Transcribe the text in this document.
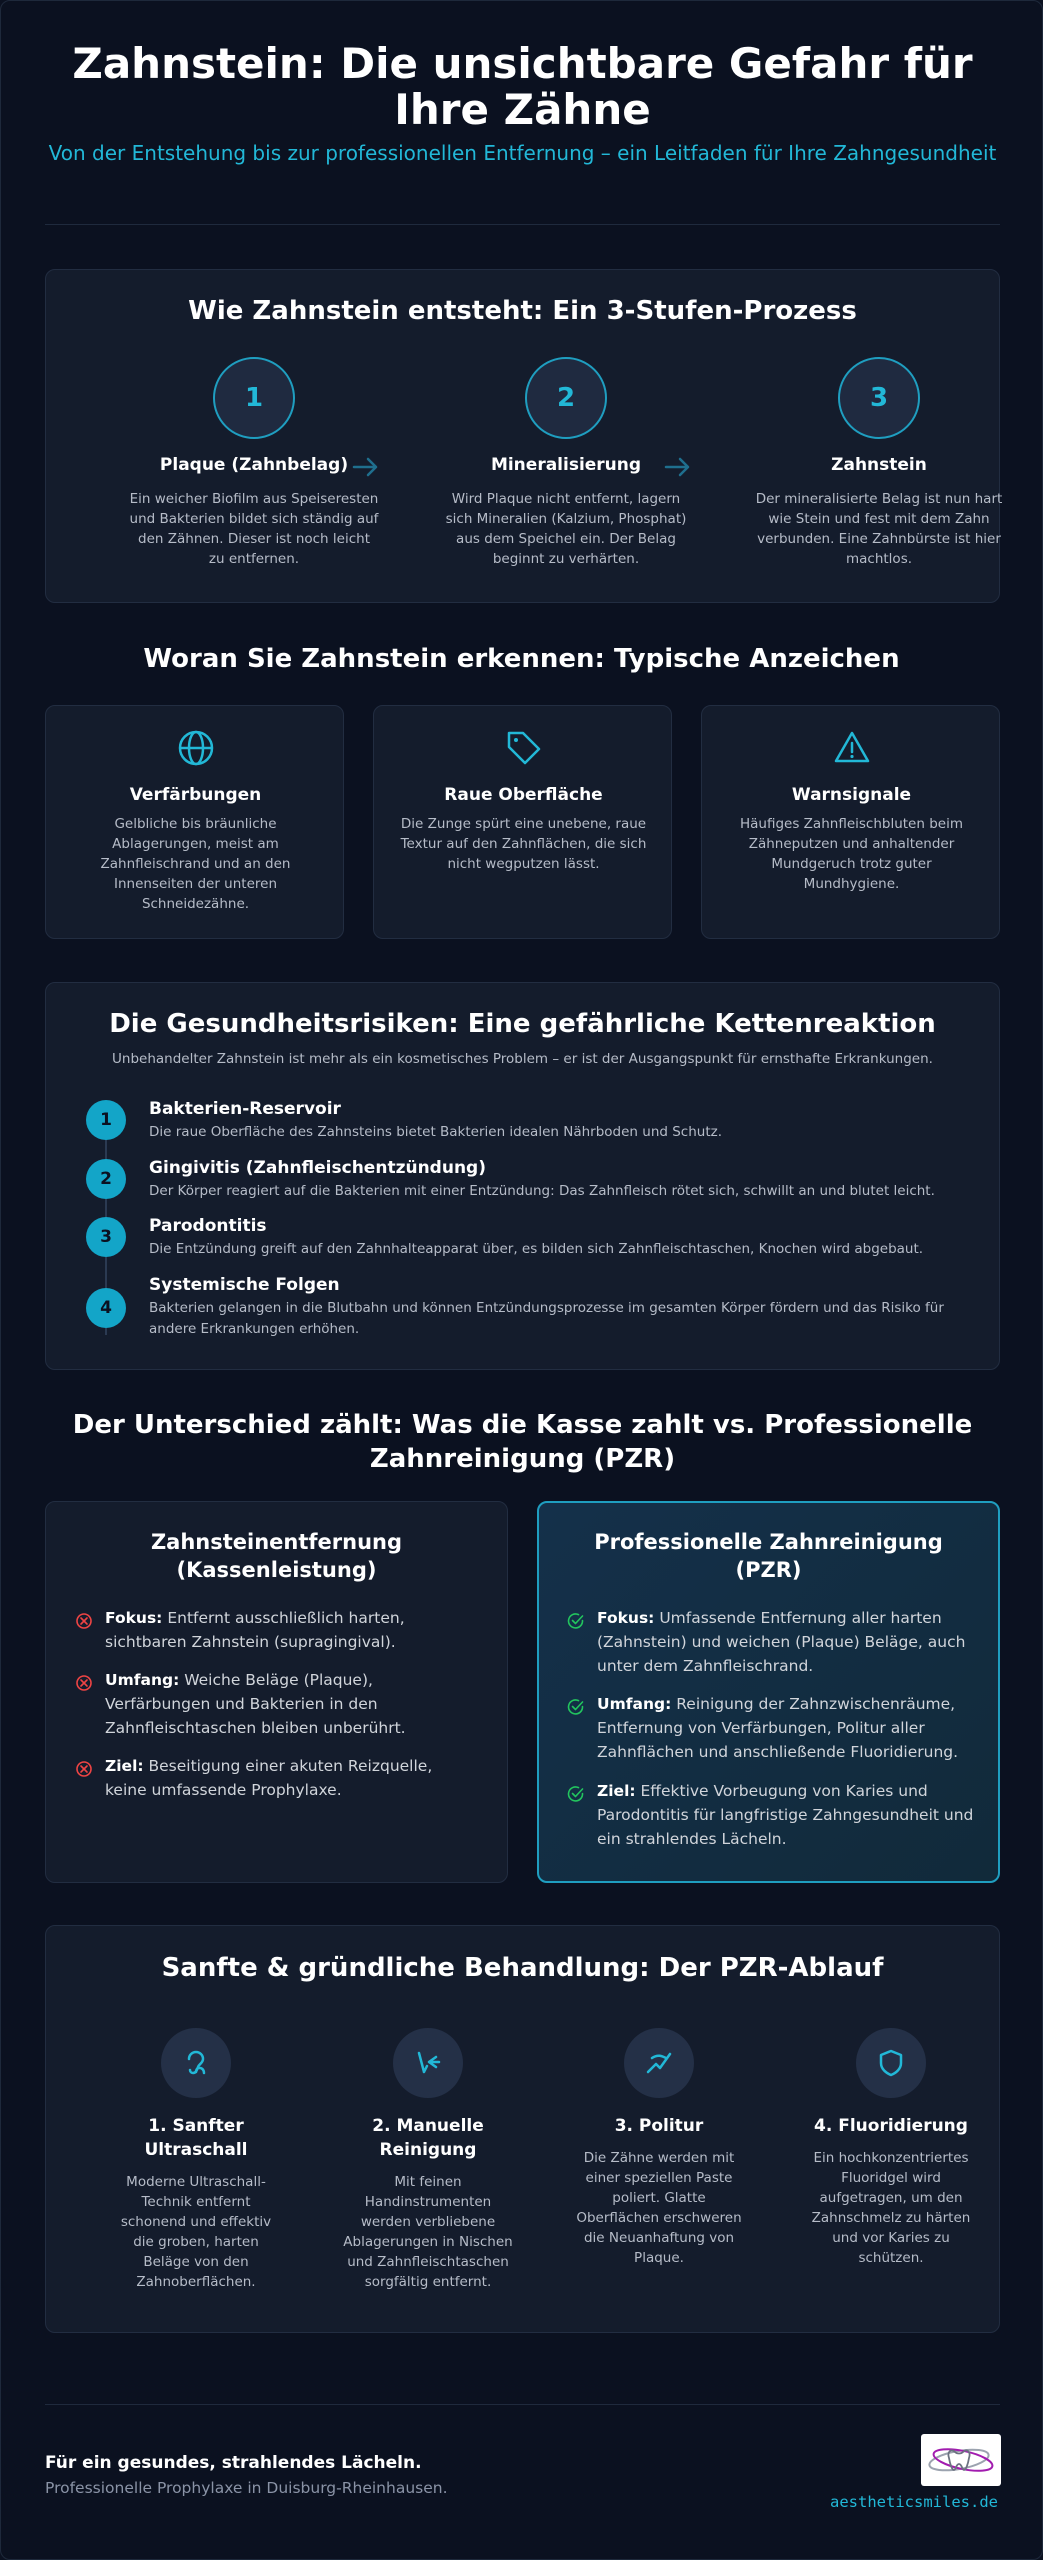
Zahnstein: Die unsichtbare Gefahr für Ihre Zähne
Von der Entstehung bis zur professionellen Entfernung – ein Leitfaden für Ihre Zahngesundheit
Wie Zahnstein entsteht: Ein 3-Stufen-Prozess
1
Plaque (Zahnbelag)
Ein weicher Biofilm aus Speiseresten und Bakterien bildet sich ständig auf den Zähnen. Dieser ist noch leicht zu entfernen.
2
Mineralisierung
Wird Plaque nicht entfernt, lagern sich Mineralien (Kalzium, Phosphat) aus dem Speichel ein. Der Belag beginnt zu verhärten.
3
Zahnstein
Der mineralisierte Belag ist nun hart wie Stein und fest mit dem Zahn verbunden. Eine Zahnbürste ist hier machtlos.
Woran Sie Zahnstein erkennen: Typische Anzeichen
Verfärbungen
Gelbliche bis bräunliche Ablagerungen, meist am Zahnfleischrand und an den Innenseiten der unteren Schneidezähne.
Raue Oberfläche
Die Zunge spürt eine unebene, raue Textur auf den Zahnflächen, die sich nicht wegputzen lässt.
Warnsignale
Häufiges Zahnfleischbluten beim Zähneputzen und anhaltender Mundgeruch trotz guter Mundhygiene.
Die Gesundheitsrisiken: Eine gefährliche Kettenreaktion
Unbehandelter Zahnstein ist mehr als ein kosmetisches Problem – er ist der Ausgangspunkt für ernsthafte Erkrankungen.
1
Bakterien-Reservoir
Die raue Oberfläche des Zahnsteins bietet Bakterien idealen Nährboden und Schutz.
2
Gingivitis (Zahnfleischentzündung)
Der Körper reagiert auf die Bakterien mit einer Entzündung: Das Zahnfleisch rötet sich, schwillt an und blutet leicht.
3
Parodontitis
Die Entzündung greift auf den Zahnhalteapparat über, es bilden sich Zahnfleischtaschen, Knochen wird abgebaut.
4
Systemische Folgen
Bakterien gelangen in die Blutbahn und können Entzündungsprozesse im gesamten Körper fördern und das Risiko für andere Erkrankungen erhöhen.
Der Unterschied zählt: Was die Kasse zahlt vs. Professionelle Zahnreinigung (PZR)
Zahnsteinentfernung (Kassenleistung)
Fokus: Entfernt ausschließlich harten, sichtbaren Zahnstein (supragingival).
Umfang: Weiche Beläge (Plaque), Verfärbungen und Bakterien in den Zahnfleischtaschen bleiben unberührt.
Ziel: Beseitigung einer akuten Reizquelle, keine umfassende Prophylaxe.
Professionelle Zahnreinigung (PZR)
Fokus: Umfassende Entfernung aller harten (Zahnstein) und weichen (Plaque) Beläge, auch unter dem Zahnfleischrand.
Umfang: Reinigung der Zahnzwischenräume, Entfernung von Verfärbungen, Politur aller Zahnflächen und anschließende Fluoridierung.
Ziel: Effektive Vorbeugung von Karies und Parodontitis für langfristige Zahngesundheit und ein strahlendes Lächeln.
Sanfte & gründliche Behandlung: Der PZR-Ablauf
1. Sanfter Ultraschall
Moderne Ultraschall-Technik entfernt schonend und effektiv die groben, harten Beläge von den Zahnoberflächen.
2. Manuelle Reinigung
Mit feinen Handinstrumenten werden verbliebene Ablagerungen in Nischen und Zahnfleischtaschen sorgfältig entfernt.
3. Politur
Die Zähne werden mit einer speziellen Paste poliert. Glatte Oberflächen erschweren die Neuanhaftung von Plaque.
4. Fluoridierung
Ein hochkonzentriertes Fluoridgel wird aufgetragen, um den Zahnschmelz zu härten und vor Karies zu schützen.
Für ein gesundes, strahlendes Lächeln.
Professionelle Prophylaxe in Duisburg-Rheinhausen.
aestheticsmiles.de
